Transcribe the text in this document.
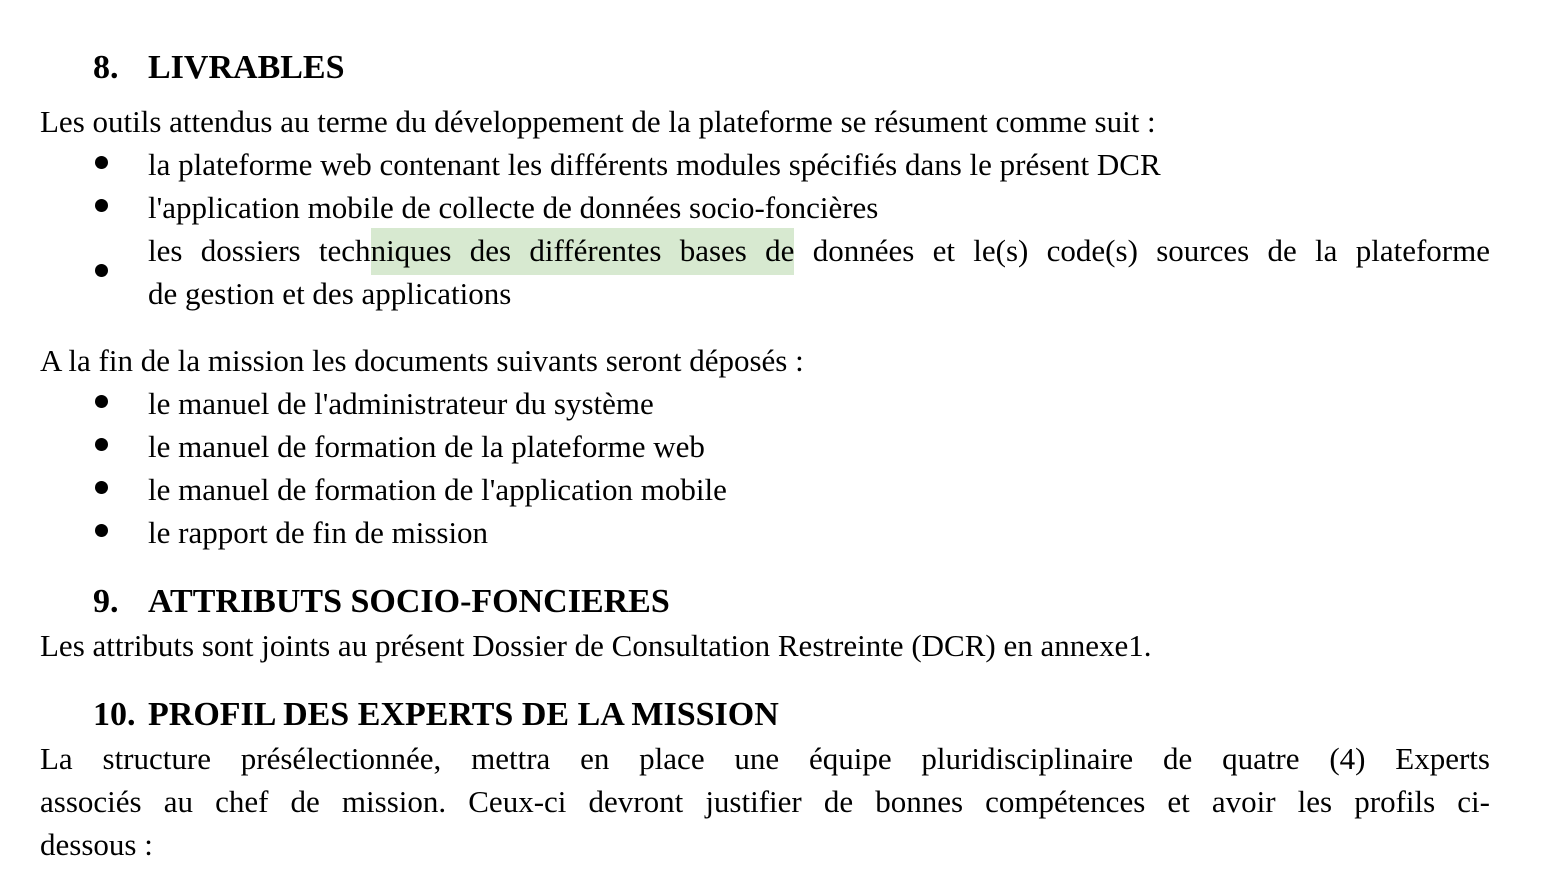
8. LIVRABLES

Les outils attendus au terme du développement de la plateforme se résument comme suit :

la plateforme web contenant les différents modules spécifiés dans le présent DCR
l'application mobile de collecte de données socio-foncières
les dossiers techniques des différentes bases de données et le(s) code(s) sources de la plateforme
de gestion et des applications

A la fin de la mission les documents suivants seront déposés :

le manuel de l'administrateur du système
le manuel de formation de la plateforme web
le manuel de formation de l'application mobile
le rapport de fin de mission
9. ATTRIBUTS SOCIO-FONCIERES

Les attributs sont joints au présent Dossier de Consultation Restreinte (DCR) en annexe1.

10. PROFIL DES EXPERTS DE LA MISSION
La structure présélectionnée, mettra en place une équipe pluridisciplinaire de quatre (4) Experts
associés au chef de mission. Ceux-ci devront justifier de bonnes compétences et avoir les profils ci-
dessous :
